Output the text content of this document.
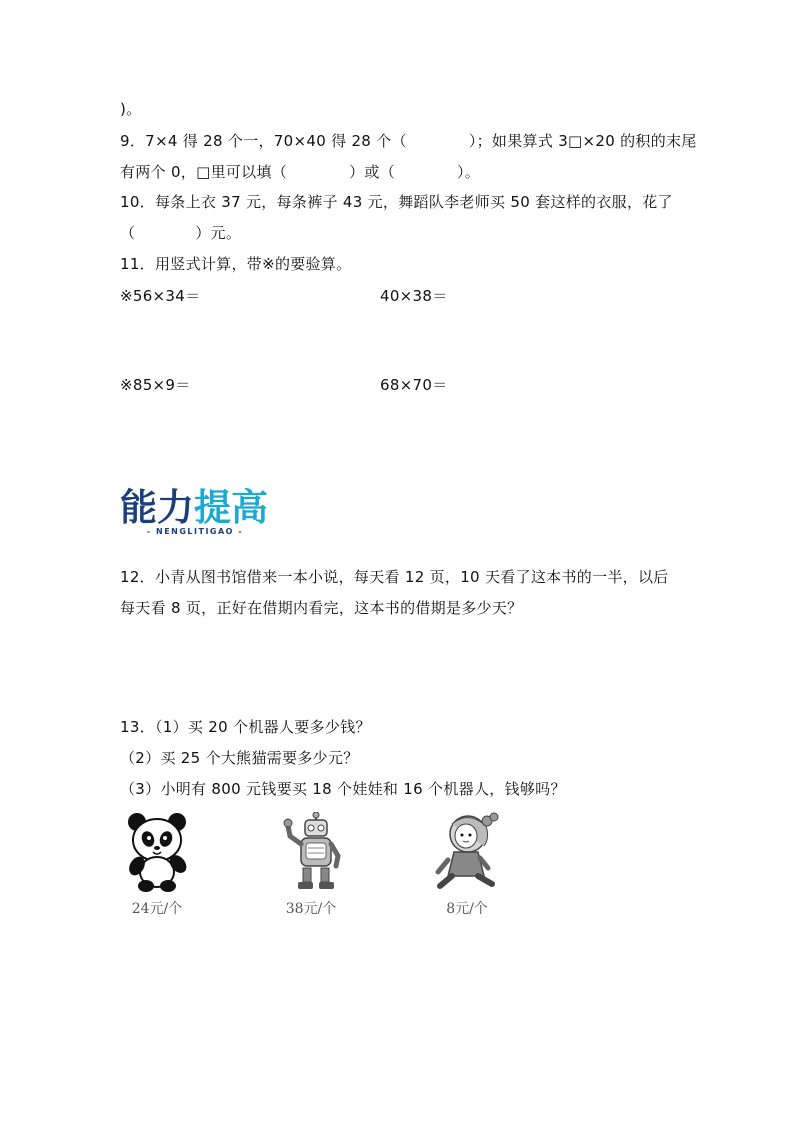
)。
9．7×4 得 28 个一，70×40 得 28 个（	）；如果算式 3□×20 的积的末尾
有两个 0，□里可以填（	）或（	）。
10．每条上衣 37 元，每条裤子 43 元，舞蹈队李老师买 50 套这样的衣服，花了
（	）元。
11．用竖式计算，带※的要验算。
※56×34＝	40×38＝
※85×9＝	68×70＝
能力 提高
- NENGLITIGAO -
12．小青从图书馆借来一本小说，每天看 12 页，10 天看了这本书的一半，以后
每天看 8 页，正好在借期内看完，这本书的借期是多少天？
13．（1）买 20 个机器人要多少钱？
（2）买 25 个大熊猫需要多少元？
（3）小明有 800 元钱要买 18 个娃娃和 16 个机器人，钱够吗？
24元/个	38元/个	8元/个
